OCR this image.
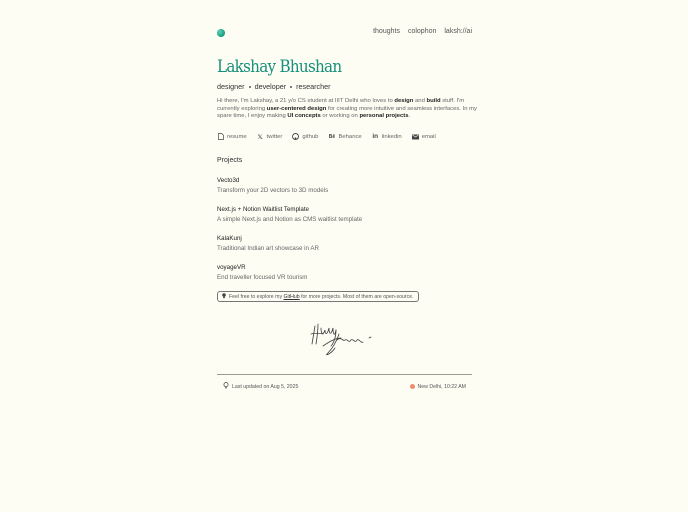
thoughts colophon laksh://ai
Lakshay Bhushan
designer developer researcher

Hi there, I'm Lakshay, a 21 y/o CS student at IIIT Delhi who loves to design and build stuff. I'm currently exploring user-centered design for creating more intuitive and seamless interfaces. In my spare time, I enjoy making UI concepts or working on personal projects.

resume 𝕏 twitter	github Bē Behance in linkedin	email
Projects
Vecto3d
Transform your 2D vectors to 3D models
Next.js + Notion Waitlist Template
A simple Next.js and Notion as CMS waitlist template
KalaKunj
Traditional Indian art showcase in AR
voyageVR
End traveller focused VR tourism
Feel free to explore my GitHub for more projects. Most of them are open-source.
Last updated on Aug 5, 2025	New Delhi, 10:22 AM
